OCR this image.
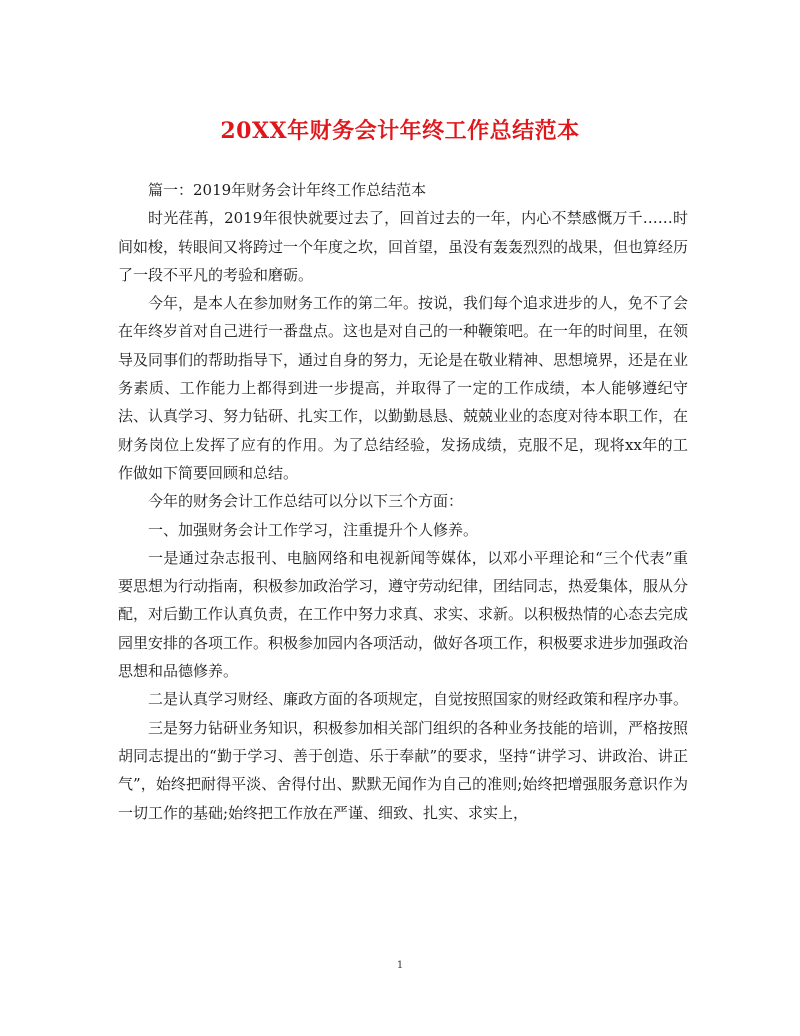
20XX年财务会计年终工作总结范本

篇一：2019年财务会计年终工作总结范本

时光荏苒，2019年很快就要过去了，回首过去的一年，内心不禁感慨万千……时间如梭，转眼间又将跨过一个年度之坎，回首望，虽没有轰轰烈烈的战果，但也算经历了一段不平凡的考验和磨砺。

今年，是本人在参加财务工作的第二年。按说，我们每个追求进步的人，免不了会在年终岁首对自己进行一番盘点。这也是对自己的一种鞭策吧。在一年的时间里，在领导及同事们的帮助指导下，通过自身的努力，无论是在敬业精神、思想境界，还是在业务素质、工作能力上都得到进一步提高，并取得了一定的工作成绩，本人能够遵纪守法、认真学习、努力钻研、扎实工作，以勤勤恳恳、兢兢业业的态度对待本职工作，在财务岗位上发挥了应有的作用。为了总结经验，发扬成绩，克服不足，现将xx年的工作做如下简要回顾和总结。

今年的财务会计工作总结可以分以下三个方面：

一、加强财务会计工作学习，注重提升个人修养。

一是通过杂志报刊、电脑网络和电视新闻等媒体，以邓小平理论和“三个代表”重要思想为行动指南，积极参加政治学习，遵守劳动纪律，团结同志，热爱集体，服从分配，对后勤工作认真负责，在工作中努力求真、求实、求新。以积极热情的心态去完成园里安排的各项工作。积极参加园内各项活动，做好各项工作，积极要求进步加强政治思想和品德修养。

二是认真学习财经、廉政方面的各项规定，自觉按照国家的财经政策和程序办事。

三是努力钻研业务知识，积极参加相关部门组织的各种业务技能的培训，严格按照胡同志提出的“勤于学习、善于创造、乐于奉献”的要求，坚持“讲学习、讲政治、讲正气”，始终把耐得平淡、舍得付出、默默无闻作为自己的准则;始终把增强服务意识作为一切工作的基础;始终把工作放在严谨、细致、扎实、求实上，

1
